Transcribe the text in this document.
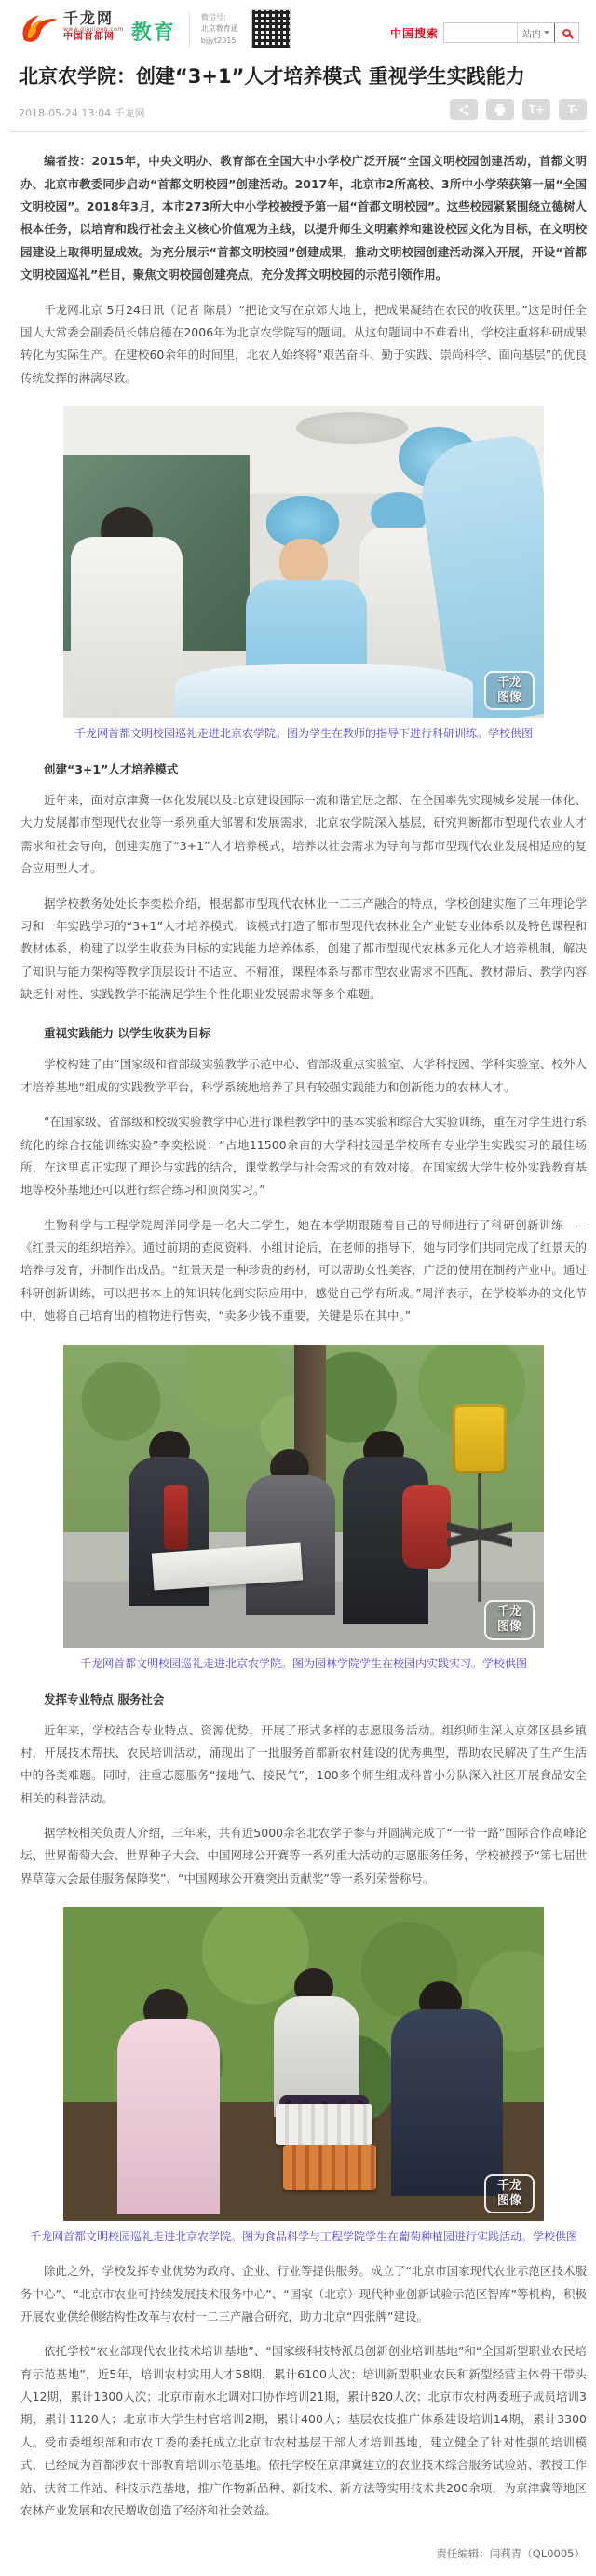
千龙网
www.qianlong.com
中国首都网 教育
微信号：
北京教育通
bjjyt2015
中国搜索	站内
北京农学院：创建“3+1”人才培养模式 重视学生实践能力
2018-05-24 13:04 千龙网	T+	T-

编者按：2015年，中央文明办、教育部在全国大中小学校广泛开展“全国文明校园创建活动，首都文明办、北京市教委同步启动“首都文明校园”创建活动。2017年，北京市2所高校、3所中小学荣获第一届“全国文明校园”。2018年3月，本市273所大中小学校被授予第一届“首都文明校园”。这些校园紧紧围绕立德树人根本任务，以培育和践行社会主义核心价值观为主线，以提升师生文明素养和建设校园文化为目标，在文明校园建设上取得明显成效。为充分展示“首都文明校园”创建成果，推动文明校园创建活动深入开展，开设“首都文明校园巡礼”栏目，聚焦文明校园创建亮点，充分发挥文明校园的示范引领作用。

千龙网北京 5月24日讯（记者 陈晨）“把论文写在京郊大地上，把成果凝结在农民的收获里。”这是时任全国人大常委会副委员长韩启德在2006年为北京农学院写的题词。从这句题词中不难看出，学校注重将科研成果转化为实际生产。在建校60余年的时间里，北农人始终将“艰苦奋斗、勤于实践、崇尚科学、面向基层”的优良传统发挥的淋漓尽致。

千龙
图像
千龙网首都文明校园巡礼走进北京农学院。图为学生在教师的指导下进行科研训练。学校供图
创建“3+1”人才培养模式

近年来，面对京津冀一体化发展以及北京建设国际一流和谐宜居之都、在全国率先实现城乡发展一体化、大力发展都市型现代农业等一系列重大部署和发展需求，北京农学院深入基层，研究判断都市型现代农业人才需求和社会导向，创建实施了“3+1”人才培养模式，培养以社会需求为导向与都市型现代农业发展相适应的复合应用型人才。

据学校教务处处长李奕松介绍，根据都市型现代农林业一二三产融合的特点，学校创建实施了三年理论学习和一年实践学习的“3+1”人才培养模式。该模式打造了都市型现代农林业全产业链专业体系以及特色课程和教材体系，构建了以学生收获为目标的实践能力培养体系，创建了都市型现代农林多元化人才培养机制，解决了知识与能力架构等教学顶层设计不适应、不精准，课程体系与都市型农业需求不匹配、教材滞后、教学内容缺乏针对性、实践教学不能满足学生个性化职业发展需求等多个难题。

重视实践能力 以学生收获为目标

学校构建了由“国家级和省部级实验教学示范中心、省部级重点实验室、大学科技园、学科实验室、校外人才培养基地”组成的实践教学平台，科学系统地培养了具有较强实践能力和创新能力的农林人才。

“在国家级、省部级和校级实验教学中心进行课程教学中的基本实验和综合大实验训练，重在对学生进行系统化的综合技能训练实验”李奕松说：“占地11500余亩的大学科技园是学校所有专业学生实践实习的最佳场所，在这里真正实现了理论与实践的结合，课堂教学与社会需求的有效对接。在国家级大学生校外实践教育基地等校外基地还可以进行综合练习和顶岗实习。”

生物科学与工程学院周洋同学是一名大二学生，她在本学期跟随着自己的导师进行了科研创新训练——《红景天的组织培养》。通过前期的查阅资料、小组讨论后，在老师的指导下，她与同学们共同完成了红景天的培养与发育，并制作出成品。“红景天是一种珍贵的药材，可以帮助女性美容，广泛的使用在制药产业中。通过科研创新训练，可以把书本上的知识转化到实际应用中，感觉自己学有所成。”周洋表示，在学校举办的文化节中，她将自己培育出的植物进行售卖，“卖多少钱不重要，关键是乐在其中。”

千龙
图像
千龙网首都文明校园巡礼走进北京农学院。图为园林学院学生在校园内实践实习。学校供图
发挥专业特点 服务社会

近年来，学校结合专业特点、资源优势，开展了形式多样的志愿服务活动。组织师生深入京郊区县乡镇村，开展技术帮扶、农民培训活动，涌现出了一批服务首都新农村建设的优秀典型，帮助农民解决了生产生活中的各类难题。同时，注重志愿服务“接地气、接民气”，100多个师生组成科普小分队深入社区开展食品安全相关的科普活动。

据学校相关负责人介绍，三年来，共有近5000余名北农学子参与并圆满完成了“一带一路”国际合作高峰论坛、世界葡萄大会、世界种子大会、中国网球公开赛等一系列重大活动的志愿服务任务，学校被授予“第七届世界草莓大会最佳服务保障奖”、“中国网球公开赛突出贡献奖”等一系列荣誉称号。

千龙
图像
千龙网首都文明校园巡礼走进北京农学院。图为食品科学与工程学院学生在葡萄种植园进行实践活动。学校供图

除此之外，学校发挥专业优势为政府、企业、行业等提供服务。成立了“北京市国家现代农业示范区技术服务中心”、“北京市农业可持续发展技术服务中心”、“国家（北京）现代种业创新试验示范区智库”等机构，积极开展农业供给侧结构性改革与农村一二三产融合研究，助力北京“四张牌”建设。

依托学校“农业部现代农业技术培训基地”、“国家级科技特派员创新创业培训基地”和“全国新型职业农民培育示范基地”，近5年，培训农村实用人才58期，累计6100人次；培训新型职业农民和新型经营主体骨干带头人12期，累计1300人次；北京市南水北调对口协作培训21期，累计820人次；北京市农村两委班子成员培训3期，累计1120人；北京市大学生村官培训2期，累计400人；基层农技推广体系建设培训14期，累计3300人。受市委组织部和市农工委的委托成立北京市农村基层干部人才培训基地，建立健全了针对性强的培训模式，已经成为首都涉农干部教育培训示范基地。依托学校在京津冀建立的农业技术综合服务试验站、教授工作站、扶贫工作站、科技示范基地，推广作物新品种、新技术、新方法等实用技术共200余项，为京津冀等地区农林产业发展和农民增收创造了经济和社会效益。

责任编辑：闫莉青（QL0005）
